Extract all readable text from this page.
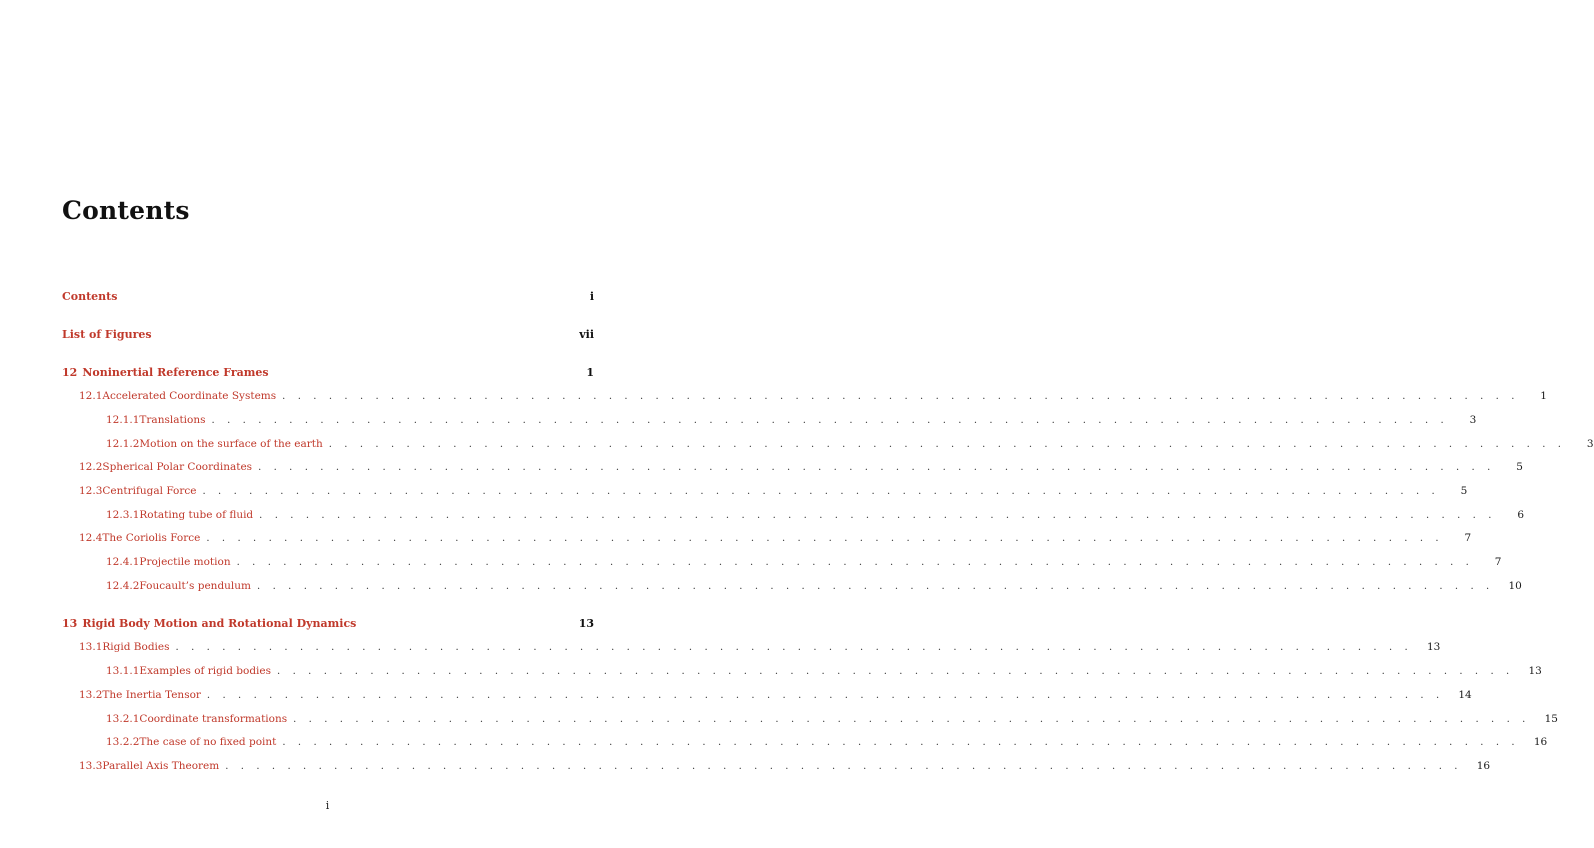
Contents
Contents	i
List of Figures	vii
12 Noninertial Reference Frames	1
12.1 Accelerated Coordinate Systems . . . . . . . . . . . . . . . . . . . . . . . . . . . . . . . . . . . . . . . . . . . . . . . . . . . . . . . . . . . . . . . . . . . . . . . . . . . . . . . .	1
12.1.1 Translations . . . . . . . . . . . . . . . . . . . . . . . . . . . . . . . . . . . . . . . . . . . . . . . . . . . . . . . . . . . . . . . . . . . . . . . . . . . . . . . .	3
12.1.2 Motion on the surface of the earth . . . . . . . . . . . . . . . . . . . . . . . . . . . . . . . . . . . . . . . . . . . . . . . . . . . . . . . . . . . . . . . . . . . . . . . . . . . . . . . .	3
12.2 Spherical Polar Coordinates . . . . . . . . . . . . . . . . . . . . . . . . . . . . . . . . . . . . . . . . . . . . . . . . . . . . . . . . . . . . . . . . . . . . . . . . . . . . . . . .	5
12.3 Centrifugal Force . . . . . . . . . . . . . . . . . . . . . . . . . . . . . . . . . . . . . . . . . . . . . . . . . . . . . . . . . . . . . . . . . . . . . . . . . . . . . . . .	5
12.3.1 Rotating tube of fluid . . . . . . . . . . . . . . . . . . . . . . . . . . . . . . . . . . . . . . . . . . . . . . . . . . . . . . . . . . . . . . . . . . . . . . . . . . . . . . . .	6
12.4 The Coriolis Force . . . . . . . . . . . . . . . . . . . . . . . . . . . . . . . . . . . . . . . . . . . . . . . . . . . . . . . . . . . . . . . . . . . . . . . . . . . . . . . .	7
12.4.1 Projectile motion . . . . . . . . . . . . . . . . . . . . . . . . . . . . . . . . . . . . . . . . . . . . . . . . . . . . . . . . . . . . . . . . . . . . . . . . . . . . . . . .	7
12.4.2 Foucault’s pendulum . . . . . . . . . . . . . . . . . . . . . . . . . . . . . . . . . . . . . . . . . . . . . . . . . . . . . . . . . . . . . . . . . . . . . . . . . . . . . . . .	10
13 Rigid Body Motion and Rotational Dynamics	13
13.1 Rigid Bodies . . . . . . . . . . . . . . . . . . . . . . . . . . . . . . . . . . . . . . . . . . . . . . . . . . . . . . . . . . . . . . . . . . . . . . . . . . . . . . . .	13
13.1.1 Examples of rigid bodies . . . . . . . . . . . . . . . . . . . . . . . . . . . . . . . . . . . . . . . . . . . . . . . . . . . . . . . . . . . . . . . . . . . . . . . . . . . . . . . .	13
13.2 The Inertia Tensor . . . . . . . . . . . . . . . . . . . . . . . . . . . . . . . . . . . . . . . . . . . . . . . . . . . . . . . . . . . . . . . . . . . . . . . . . . . . . . . .	14
13.2.1 Coordinate transformations . . . . . . . . . . . . . . . . . . . . . . . . . . . . . . . . . . . . . . . . . . . . . . . . . . . . . . . . . . . . . . . . . . . . . . . . . . . . . . . .	15
13.2.2 The case of no fixed point . . . . . . . . . . . . . . . . . . . . . . . . . . . . . . . . . . . . . . . . . . . . . . . . . . . . . . . . . . . . . . . . . . . . . . . . . . . . . . . .	16
13.3 Parallel Axis Theorem . . . . . . . . . . . . . . . . . . . . . . . . . . . . . . . . . . . . . . . . . . . . . . . . . . . . . . . . . . . . . . . . . . . . . . . . . . . . . . . .	16
i
